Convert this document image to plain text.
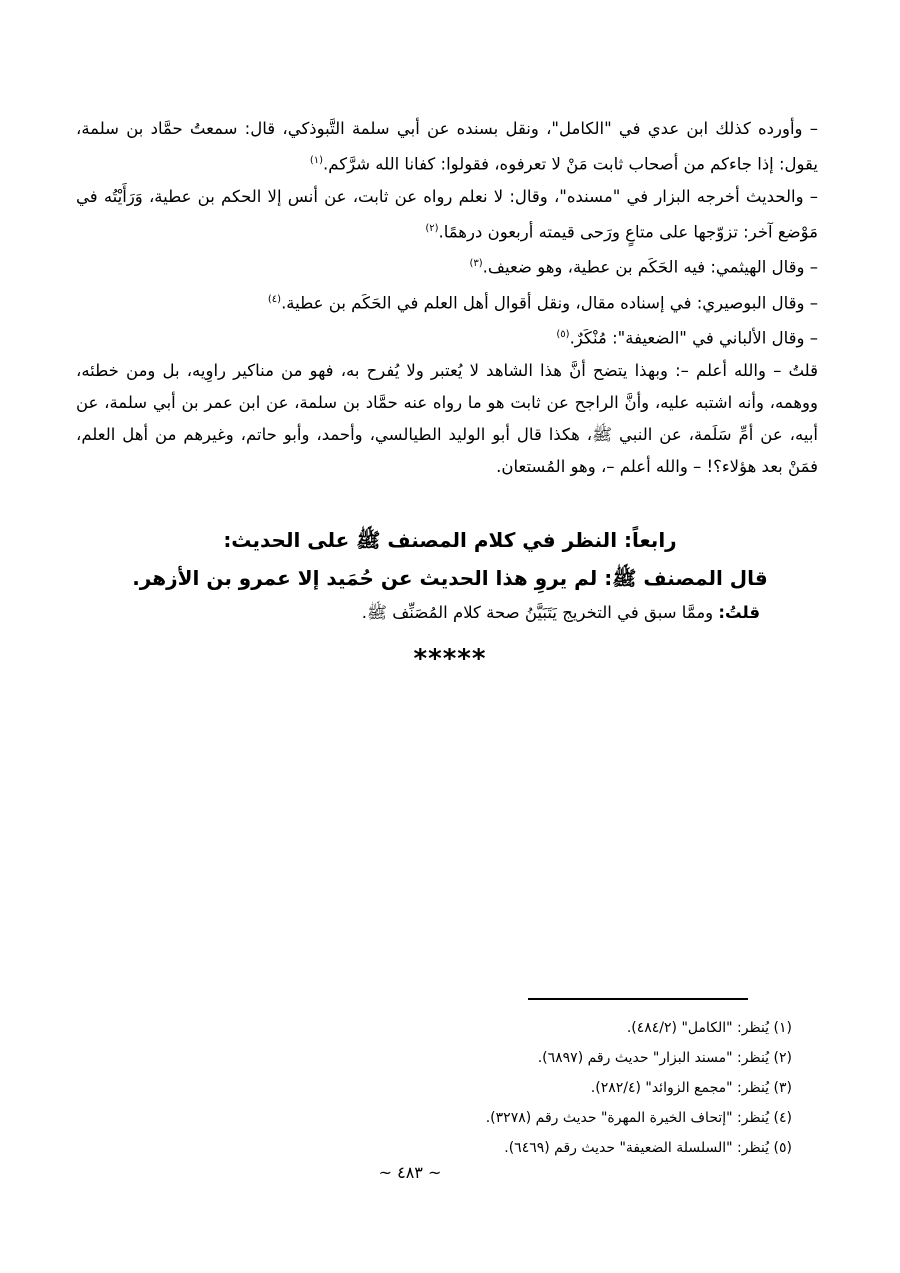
– وأورده كذلك ابن عدي في "الكامل"، ونقل بسنده عن أبي سلمة التَّبوذكي، قال: سمعتُ حمَّاد بن سلمة، يقول: إذا جاءكم من أصحاب ثابت مَنْ لا تعرفوه، فقولوا: كفانا الله شرَّكم.$^{(١)}$

– والحديث أخرجه البزار في "مسنده"، وقال: لا نعلم رواه عن ثابت، عن أنس إلا الحكم بن عطية، وَرَأَيْتُه في مَوْضع آخر: تزوّجها على متاعٍ ورَحى قيمته أربعون درهمًا.$^{(٢)}$

– وقال الهيثمي: فيه الحَكَم بن عطية، وهو ضعيف.$^{(٣)}$

– وقال البوصيري: في إسناده مقال، ونقل أقوال أهل العلم في الحَكَم بن عطية.$^{(٤)}$

– وقال الألباني في "الضعيفة": مُنْكَرٌ.$^{(٥)}$

قلتُ – والله أعلم –: وبهذا يتضح أنَّ هذا الشاهد لا يُعتبر ولا يُفرح به، فهو من مناكير راوِيه، بل ومن خطئه، ووهمه، وأنه اشتبه عليه، وأنَّ الراجح عن ثابت هو ما رواه عنه حمَّاد بن سلمة، عن ابن عمر بن أبي سلمة، عن أبيه، عن أمِّ سَلَمة، عن النبي ﷺ، هكذا قال أبو الوليد الطيالسي، وأحمد، وأبو حاتم، وغيرهم من أهل العلم، فمَنْ بعد هؤلاء؟! – والله أعلم –، وهو المُستعان.

رابعاً: النظر في كلام المصنف ﷺ على الحديث:
قال المصنف ﷺ: لم يروِ هذا الحديث عن حُمَيد إلا عمرو بن الأزهر.
قلتُ: وممَّا سبق في التخريج يَتَبَيَّنُ صحة كلام المُصَنِّف ﷺ.
*****
(١) يُنظر: "الكامل" (٤٨٤/٢).
(٢) يُنظر: "مسند البزار" حديث رقم (٦٨٩٧).
(٣) يُنظر: "مجمع الزوائد" (٢٨٢/٤).
(٤) يُنظر: "إتحاف الخيرة المهرة" حديث رقم (٣٢٧٨).
(٥) يُنظر: "السلسلة الضعيفة" حديث رقم (٦٤٦٩).
~ ٤٨٣ ~
